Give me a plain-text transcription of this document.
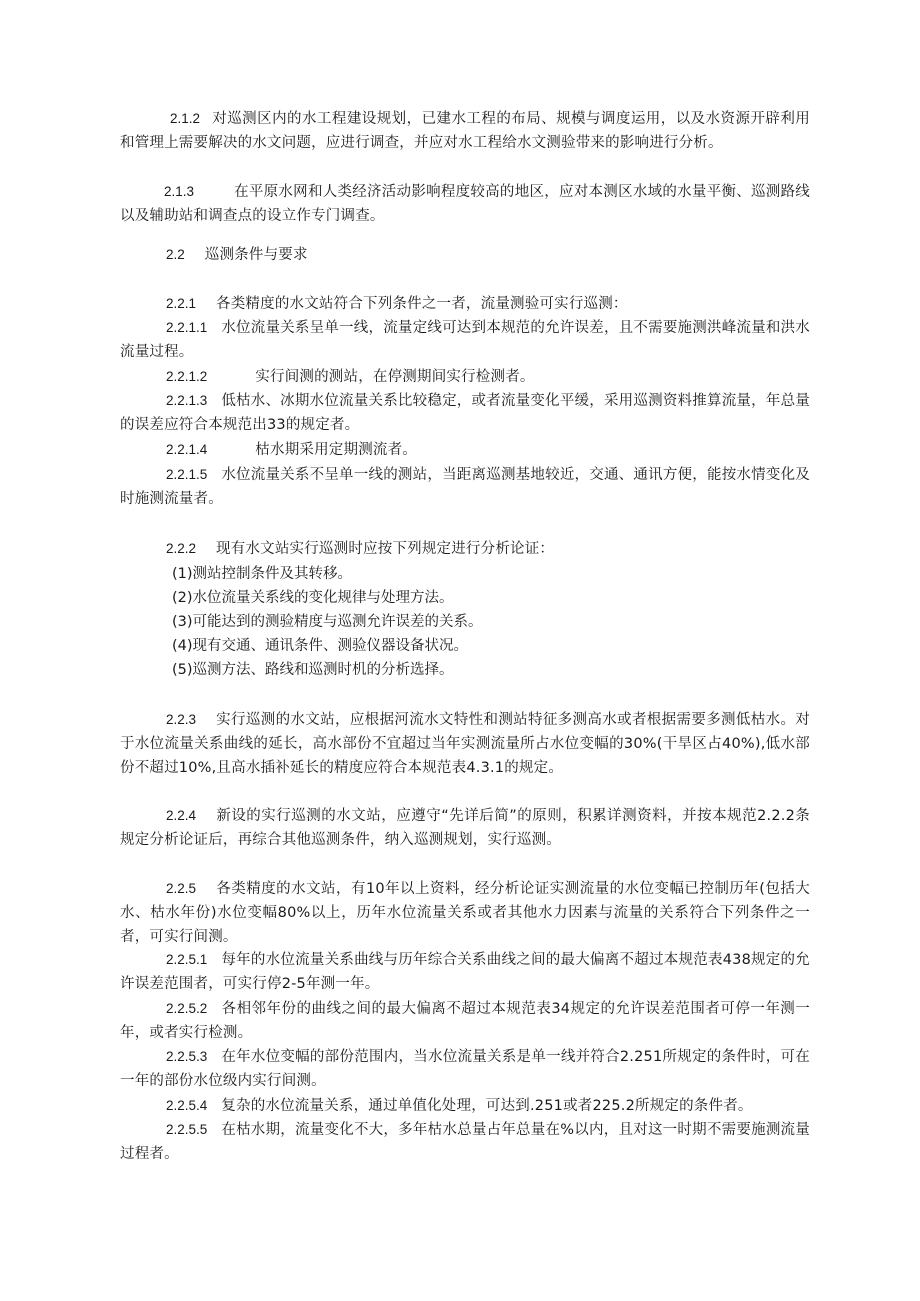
2.1.2 对巡测区内的水工程建设规划，已建水工程的布局、规模与调度运用，以及水资源开辟利用和管理上需要解决的水文问题，应进行调查，并应对水工程给水文测验带来的影响进行分析。

2.1.3	在平原水网和人类经济活动影响程度较高的地区，应对本测区水域的水量平衡、巡测路线以及辅助站和调查点的设立作专门调查。

2.2 巡测条件与要求

2.2.1 各类精度的水文站符合下列条件之一者，流量测验可实行巡测：

2.2.1.1 水位流量关系呈单一线，流量定线可达到本规范的允许误差，且不需要施测洪峰流量和洪水流量过程。

2.2.1.2	实行间测的测站，在停测期间实行检测者。

2.2.1.3 低枯水、冰期水位流量关系比较稳定，或者流量变化平缓，采用巡测资料推算流量，年总量的误差应符合本规范出33的规定者。

2.2.1.4	枯水期采用定期测流者。

2.2.1.5 水位流量关系不呈单一线的测站，当距离巡测基地较近，交通、通讯方便，能按水情变化及时施测流量者。

2.2.2 现有水文站实行巡测时应按下列规定进行分析论证：

(1)测站控制条件及其转移。

(2)水位流量关系线的变化规律与处理方法。

(3)可能达到的测验精度与巡测允许误差的关系。

(4)现有交通、通讯条件、测验仪器设备状况。

(5)巡测方法、路线和巡测时机的分析选择。

2.2.3 实行巡测的水文站，应根据河流水文特性和测站特征多测高水或者根据需要多测低枯水。对于水位流量关系曲线的延长，高水部份不宜超过当年实测流量所占水位变幅的30%(干旱区占40%),低水部份不超过10%,且高水插补延长的精度应符合本规范表4.3.1的规定。

2.2.4 新设的实行巡测的水文站，应遵守“先详后简”的原则，积累详测资料，并按本规范2.2.2条规定分析论证后，再综合其他巡测条件，纳入巡测规划，实行巡测。

2.2.5 各类精度的水文站，有10年以上资料，经分析论证实测流量的水位变幅已控制历年(包括大水、枯水年份)水位变幅80%以上，历年水位流量关系或者其他水力因素与流量的关系符合下列条件之一者，可实行间测。

2.2.5.1 每年的水位流量关系曲线与历年综合关系曲线之间的最大偏离不超过本规范表438规定的允许误差范围者，可实行停2-5年测一年。

2.2.5.2 各相邻年份的曲线之间的最大偏离不超过本规范表34规定的允许误差范围者可停一年测一年，或者实行检测。

2.2.5.3 在年水位变幅的部份范围内，当水位流量关系是单一线并符合2.251所规定的条件时，可在一年的部份水位级内实行间测。

2.2.5.4 复杂的水位流量关系，通过单值化处理，可达到.251或者225.2所规定的条件者。

2.2.5.5 在枯水期，流量变化不大，多年枯水总量占年总量在%以内，且对这一时期不需要施测流量过程者。
